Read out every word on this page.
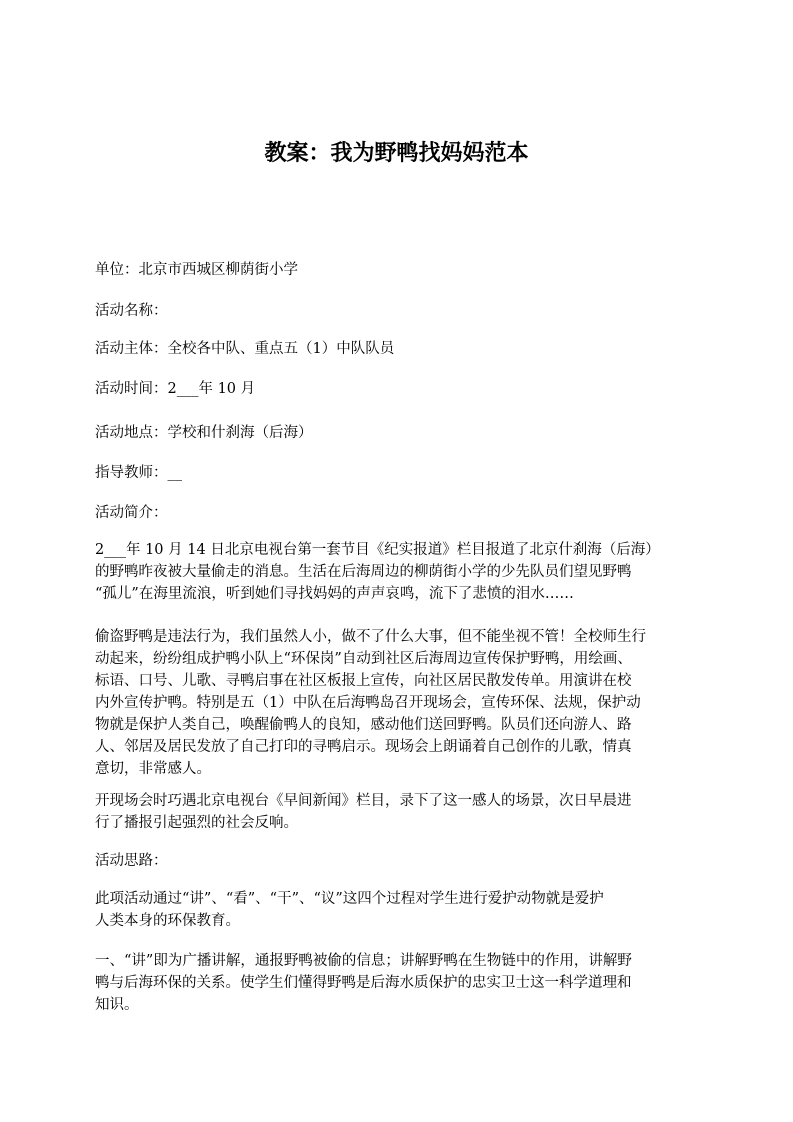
教案：我为野鸭找妈妈范本
单位：北京市西城区柳荫街小学
活动名称：
活动主体：全校各中队、重点五（1）中队队员
活动时间：2___年 10 月
活动地点：学校和什刹海（后海）
指导教师：__
活动简介：
2___年 10 月 14 日北京电视台第一套节目《纪实报道》栏目报道了北京什刹海（后海）
的野鸭昨夜被大量偷走的消息。生活在后海周边的柳荫街小学的少先队员们望见野鸭
“孤儿”在海里流浪，听到她们寻找妈妈的声声哀鸣，流下了悲愤的泪水……
偷盗野鸭是违法行为，我们虽然人小，做不了什么大事，但不能坐视不管！全校师生行
动起来，纷纷组成护鸭小队上“环保岗”自动到社区后海周边宣传保护野鸭，用绘画、
标语、口号、儿歌、寻鸭启事在社区板报上宣传，向社区居民散发传单。用演讲在校
内外宣传护鸭。特别是五（1）中队在后海鸭岛召开现场会，宣传环保、法规，保护动
物就是保护人类自己，唤醒偷鸭人的良知，感动他们送回野鸭。队员们还向游人、路
人、邻居及居民发放了自己打印的寻鸭启示。现场会上朗诵着自己创作的儿歌，情真
意切，非常感人。
开现场会时巧遇北京电视台《早间新闻》栏目，录下了这一感人的场景，次日早晨进
行了播报引起强烈的社会反响。
活动思路：
此项活动通过“讲”、“看”、“干”、“议”这四个过程对学生进行爱护动物就是爱护
人类本身的环保教育。
一、“讲”即为广播讲解，通报野鸭被偷的信息；讲解野鸭在生物链中的作用，讲解野
鸭与后海环保的关系。使学生们懂得野鸭是后海水质保护的忠实卫士这一科学道理和
知识。
